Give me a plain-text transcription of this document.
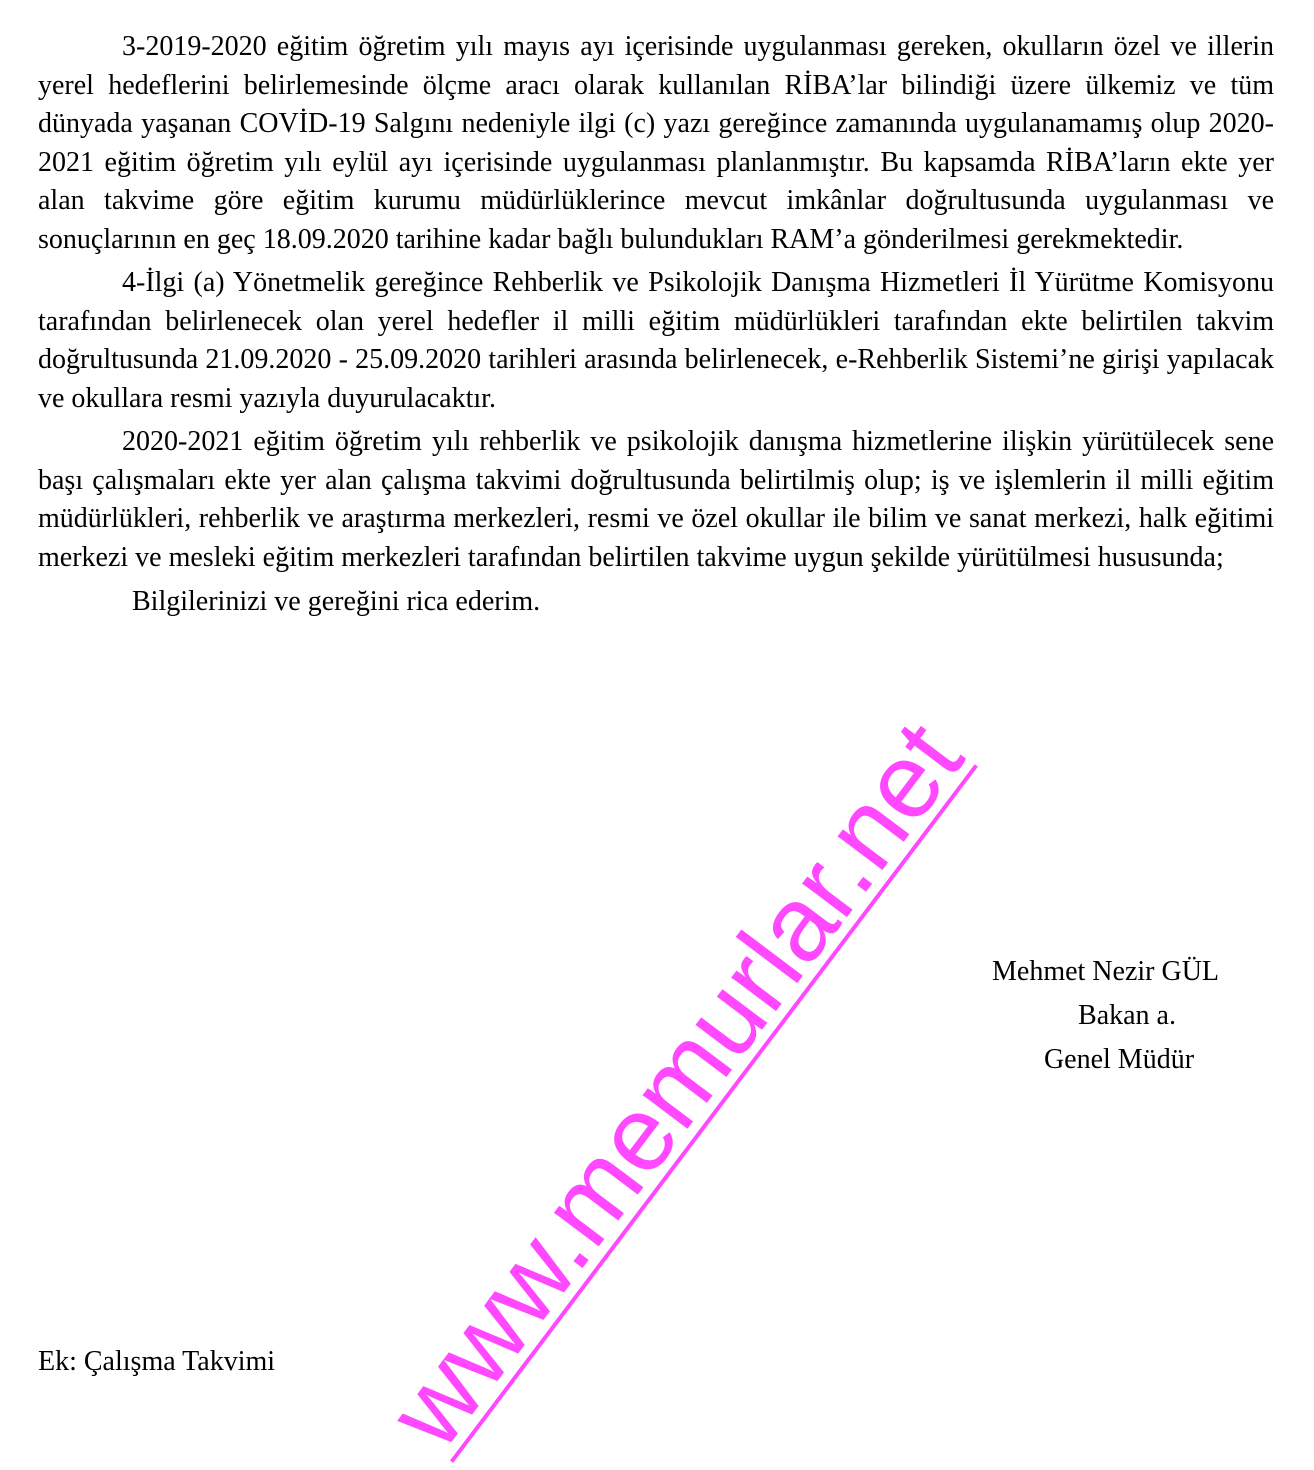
3-2019-2020 eğitim öğretim yılı mayıs ayı içerisinde uygulanması gereken, okulların özel ve illerin yerel hedeflerini belirlemesinde ölçme aracı olarak kullanılan RİBA’lar bilindiği üzere ülkemiz ve tüm dünyada yaşanan COVİD-19 Salgını nedeniyle ilgi (c) yazı gereğince zamanında uygulanamamış olup 2020-2021 eğitim öğretim yılı eylül ayı içerisinde uygulanması planlanmıştır. Bu kapsamda RİBA’ların ekte yer alan takvime göre eğitim kurumu müdürlüklerince mevcut imkânlar doğrultusunda uygulanması ve sonuçlarının en geç 18.09.2020 tarihine kadar bağlı bulundukları RAM’a gönderilmesi gerekmektedir.

4-İlgi (a) Yönetmelik gereğince Rehberlik ve Psikolojik Danışma Hizmetleri İl Yürütme Komisyonu tarafından belirlenecek olan yerel hedefler il milli eğitim müdürlükleri tarafından ekte belirtilen takvim doğrultusunda 21.09.2020 - 25.09.2020 tarihleri arasında belirlenecek, e-Rehberlik Sistemi’ne girişi yapılacak ve okullara resmi yazıyla duyurulacaktır.

2020-2021 eğitim öğretim yılı rehberlik ve psikolojik danışma hizmetlerine ilişkin yürütülecek sene başı çalışmaları ekte yer alan çalışma takvimi doğrultusunda belirtilmiş olup; iş ve işlemlerin il milli eğitim müdürlükleri, rehberlik ve araştırma merkezleri, resmi ve özel okullar ile bilim ve sanat merkezi, halk eğitimi merkezi ve mesleki eğitim merkezleri tarafından belirtilen takvime uygun şekilde yürütülmesi hususunda;

Bilgilerinizi ve gereğini rica ederim.

Mehmet Nezir GÜL
Bakan a.
Genel Müdür
Ek: Çalışma Takvimi www.memurlar.net
